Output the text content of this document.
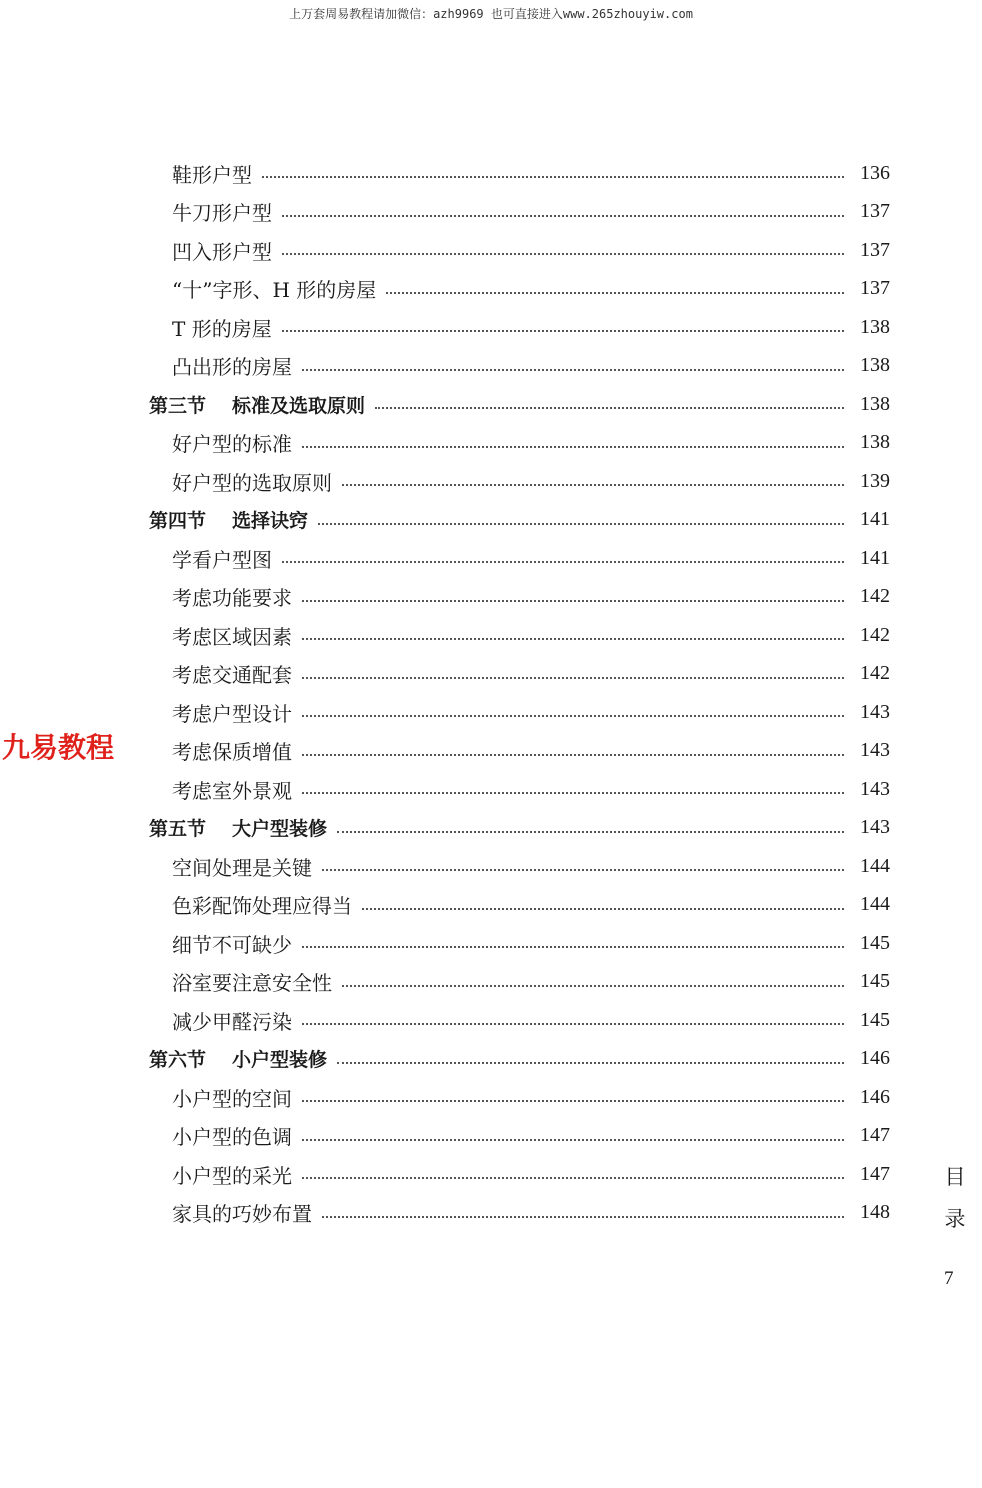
上万套周易教程请加微信：azh9969 也可直接进入www.265zhouyiw.com
九易教程
鞋形户型	136
牛刀形户型	137
凹入形户型	137
“十”字形、H 形的房屋	137
T 形的房屋	138
凸出形的房屋	138
第三节 标准及选取原则	138
好户型的标准	138
好户型的选取原则	139
第四节 选择诀窍	141
学看户型图	141
考虑功能要求	142
考虑区域因素	142
考虑交通配套	142
考虑户型设计	143
考虑保质增值	143
考虑室外景观	143
第五节 大户型装修	143
空间处理是关键	144
色彩配饰处理应得当	144
细节不可缺少	145
浴室要注意安全性	145
减少甲醛污染	145
第六节 小户型装修	146
小户型的空间	146
小户型的色调	147
小户型的采光	147
家具的巧妙布置	148
目
录
7
